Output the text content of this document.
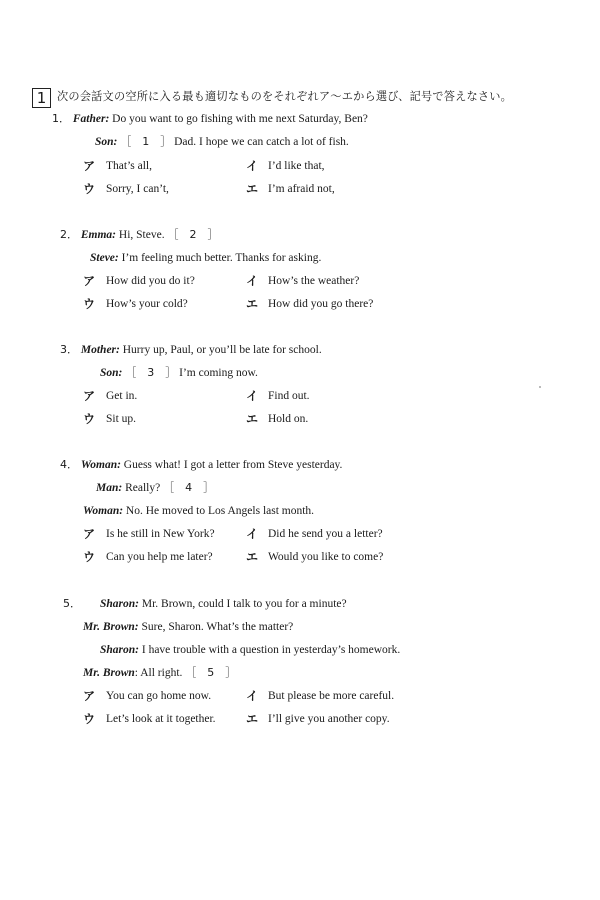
1 次の会話文の空所に入る最も適切なものをそれぞれア～エから選び、記号で答えなさい。
1． Father: Do you want to go fishing with me next Saturday, Ben?
Son: ［　1　］ Dad. I hope we can catch a lot of fish.
ア That’s all,	イ I’d like that,
ウ Sorry, I can’t,	エ I’m afraid not,
2． Emma: Hi, Steve. ［　2　］
Steve: I’m feeling much better. Thanks for asking.
ア How did you do it?	イ How’s the weather?
ウ How’s your cold?	エ How did you go there?
3． Mother: Hurry up, Paul, or you’ll be late for school.
Son: ［　3　］ I’m coming now.
ア Get in.	イ Find out.
ウ Sit up.	エ Hold on.
4． Woman: Guess what! I got a letter from Steve yesterday.
Man: Really? ［　4　］
Woman: No. He moved to Los Angels last month.
ア Is he still in New York?	イ Did he send you a letter?
ウ Can you help me later?	エ Would you like to come?
5． Sharon: Mr. Brown, could I talk to you for a minute?
Mr. Brown: Sure, Sharon. What’s the matter?
Sharon: I have trouble with a question in yesterday’s homework.
Mr. Brown: All right. ［　5　］
ア You can go home now.	イ But please be more careful.
ウ Let’s look at it together.	エ I’ll give you another copy.
